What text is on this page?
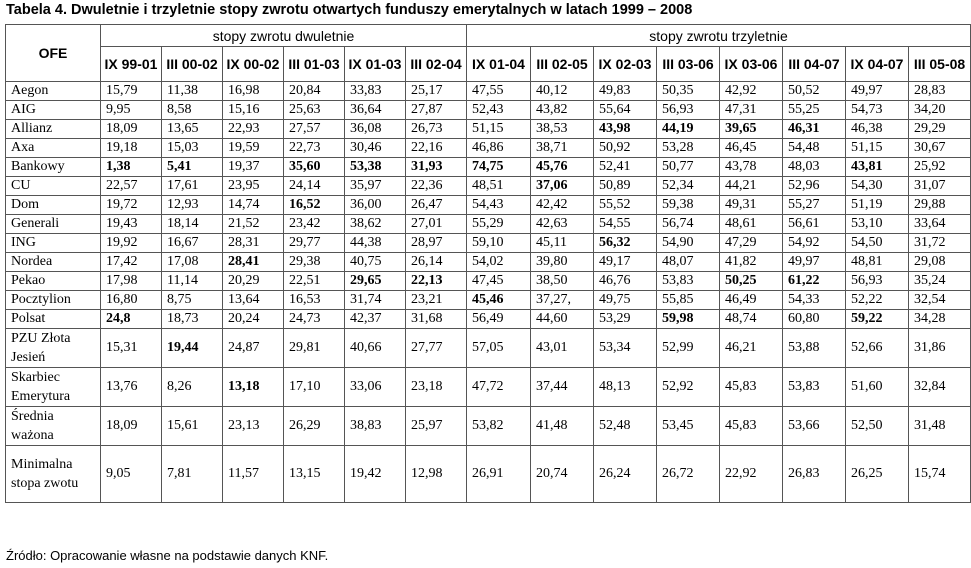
Tabela 4. Dwuletnie i trzyletnie stopy zwrotu otwartych funduszy emerytalnych w latach 1999 – 2008
OFE	stopy zwrotu dwuletnie						stopy zwrotu trzyletnie							
	IX 99-01	III 00-02	IX 00-02	III 01-03	IX 01-03	III 02-04	IX 01-04	III 02-05	IX 02-03	III 03-06	IX 03-06	III 04-07	IX 04-07	III 05-08
Aegon	15,79	11,38	16,98	20,84	33,83	25,17	47,55	40,12	49,83	50,35	42,92	50,52	49,97	28,83
AIG	9,95	8,58	15,16	25,63	36,64	27,87	52,43	43,82	55,64	56,93	47,31	55,25	54,73	34,20
Allianz	18,09	13,65	22,93	27,57	36,08	26,73	51,15	38,53	43,98	44,19	39,65	46,31	46,38	29,29
Axa	19,18	15,03	19,59	22,73	30,46	22,16	46,86	38,71	50,92	53,28	46,45	54,48	51,15	30,67
Bankowy	1,38	5,41	19,37	35,60	53,38	31,93	74,75	45,76	52,41	50,77	43,78	48,03	43,81	25,92
CU	22,57	17,61	23,95	24,14	35,97	22,36	48,51	37,06	50,89	52,34	44,21	52,96	54,30	31,07
Dom	19,72	12,93	14,74	16,52	36,00	26,47	54,43	42,42	55,52	59,38	49,31	55,27	51,19	29,88
Generali	19,43	18,14	21,52	23,42	38,62	27,01	55,29	42,63	54,55	56,74	48,61	56,61	53,10	33,64
ING	19,92	16,67	28,31	29,77	44,38	28,97	59,10	45,11	56,32	54,90	47,29	54,92	54,50	31,72
Nordea	17,42	17,08	28,41	29,38	40,75	26,14	54,02	39,80	49,17	48,07	41,82	49,97	48,81	29,08
Pekao	17,98	11,14	20,29	22,51	29,65	22,13	47,45	38,50	46,76	53,83	50,25	61,22	56,93	35,24
Pocztylion	16,80	8,75	13,64	16,53	31,74	23,21	45,46	37,27,	49,75	55,85	46,49	54,33	52,22	32,54
Polsat	24,8	18,73	20,24	24,73	42,37	31,68	56,49	44,60	53,29	59,98	48,74	60,80	59,22	34,28
PZU Złota Jesień	15,31	19,44	24,87	29,81	40,66	27,77	57,05	43,01	53,34	52,99	46,21	53,88	52,66	31,86
Skarbiec Emerytura	13,76	8,26	13,18	17,10	33,06	23,18	47,72	37,44	48,13	52,92	45,83	53,83	51,60	32,84
Średnia ważona	18,09	15,61	23,13	26,29	38,83	25,97	53,82	41,48	52,48	53,45	45,83	53,66	52,50	31,48
Minimalna stopa zwotu	9,05	7,81	11,57	13,15	19,42	12,98	26,91	20,74	26,24	26,72	22,92	26,83	26,25	15,74
Źródło: Opracowanie własne na podstawie danych KNF.
